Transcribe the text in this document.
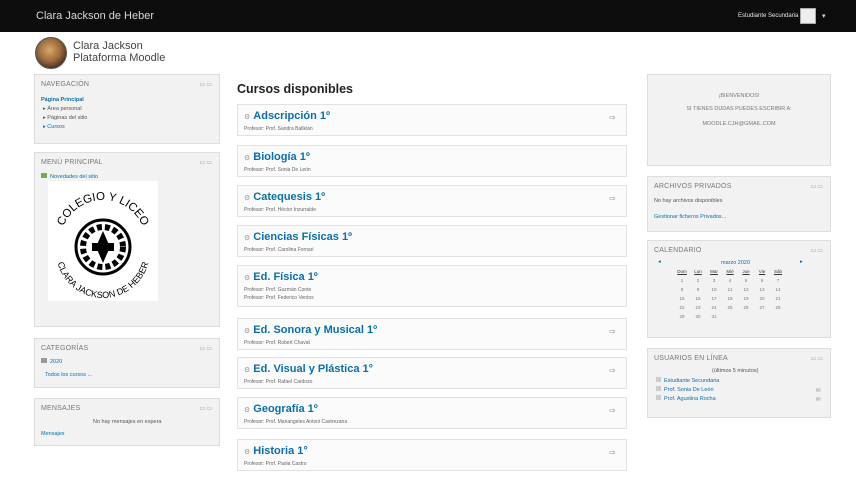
Clara Jackson de Heber	Estudiante Secundaria	▾
Clara Jackson
Plataforma Moodle
NAVEGACIÓN	▭▭
Página Principal
▸ Área personal
▸ Páginas del sitio
▸ Cursos
MENÚ PRINCIPAL	▭▭
Novedades del sitio
COLEGIO Y LICEO
CLARA JACKSON DE HEBER
CATEGORÍAS	▭▭
2020
Todos los cursos ...
MENSAJES	▭▭
No hay mensajes en espera
Mensajes
Cursos disponibles
⚙ Adscripción 1º
Profesor: Prof. Sandra Ballkián
⇨
⚙ Biología 1º
Profesor: Prof. Sonia De León
⚙ Catequesis 1º
Profesor: Prof. Héctor Inzurralde
⇨
⚙ Ciencias Físicas 1º
Profesor: Prof. Carolina Fornari
⚙ Ed. Física 1º
Profesor: Prof. Guzmán Conte
Profesor: Prof. Federico Ventos
⚙ Ed. Sonora y Musical 1º
Profesor: Prof. Robert Chavat
⇨
⚙ Ed. Visual y Plástica 1°
Profesor: Prof. Rafael Cardozo
⇨
⚙ Geografía 1º
Profesor: Prof. Mariangeles Antoni Castrezana
⇨
⚙ Historia 1°
Profesor: Prof. Paola Castro
⇨
¡BIENVENIDOS!
SI TIENES DUDAS PUEDES ESCRIBIR A:
MOODLE.CJH@GMAIL.COM
ARCHIVOS PRIVADOS	▭▭
No hay archivos disponibles
Gestionar ficheros Privados...
CALENDARIO	▭▭
◂	marzo 2020	▸
Dom	Lun	Mar	Mié	Jue	Vie	Sáb
1	2	3	4	5	6	7
8	9	10	11	12	13	14
15	16	17	18	19	20	21
22	23	24	25	26	27	28
29	30	31				
USUARIOS EN LÍNEA	▭▭
(últimos 5 minutos)
Estudiante Secundaria
Prof. Sonia De León	✉
Prof. Agustina Rocha	✉
